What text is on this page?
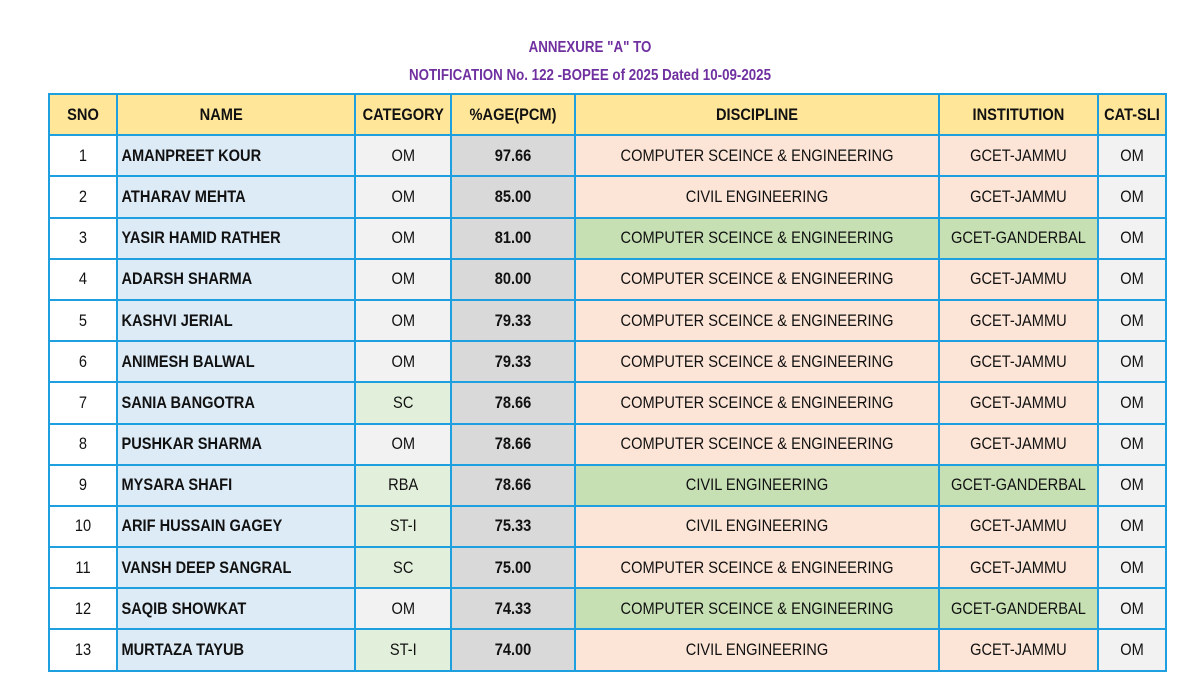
ANNEXURE "A" TO
NOTIFICATION No. 122 -BOPEE of 2025 Dated 10-09-2025
SNO	NAME	CATEGORY	%AGE(PCM)	DISCIPLINE	INSTITUTION	CAT-SLI

1	AMANPREET KOUR	OM	97.66	COMPUTER SCEINCE & ENGINEERING	GCET-JAMMU	OM

2	ATHARAV MEHTA	OM	85.00	CIVIL ENGINEERING	GCET-JAMMU	OM

3	YASIR HAMID RATHER	OM	81.00	COMPUTER SCEINCE & ENGINEERING	GCET-GANDERBAL	OM

4	ADARSH SHARMA	OM	80.00	COMPUTER SCEINCE & ENGINEERING	GCET-JAMMU	OM

5	KASHVI JERIAL	OM	79.33	COMPUTER SCEINCE & ENGINEERING	GCET-JAMMU	OM

6	ANIMESH BALWAL	OM	79.33	COMPUTER SCEINCE & ENGINEERING	GCET-JAMMU	OM

7	SANIA BANGOTRA	SC	78.66	COMPUTER SCEINCE & ENGINEERING	GCET-JAMMU	OM

8	PUSHKAR SHARMA	OM	78.66	COMPUTER SCEINCE & ENGINEERING	GCET-JAMMU	OM

9	MYSARA SHAFI	RBA	78.66	CIVIL ENGINEERING	GCET-GANDERBAL	OM

10	ARIF HUSSAIN GAGEY	ST-I	75.33	CIVIL ENGINEERING	GCET-JAMMU	OM

11	VANSH DEEP SANGRAL	SC	75.00	COMPUTER SCEINCE & ENGINEERING	GCET-JAMMU	OM

12	SAQIB SHOWKAT	OM	74.33	COMPUTER SCEINCE & ENGINEERING	GCET-GANDERBAL	OM

13	MURTAZA TAYUB	ST-I	74.00	CIVIL ENGINEERING	GCET-JAMMU	OM
